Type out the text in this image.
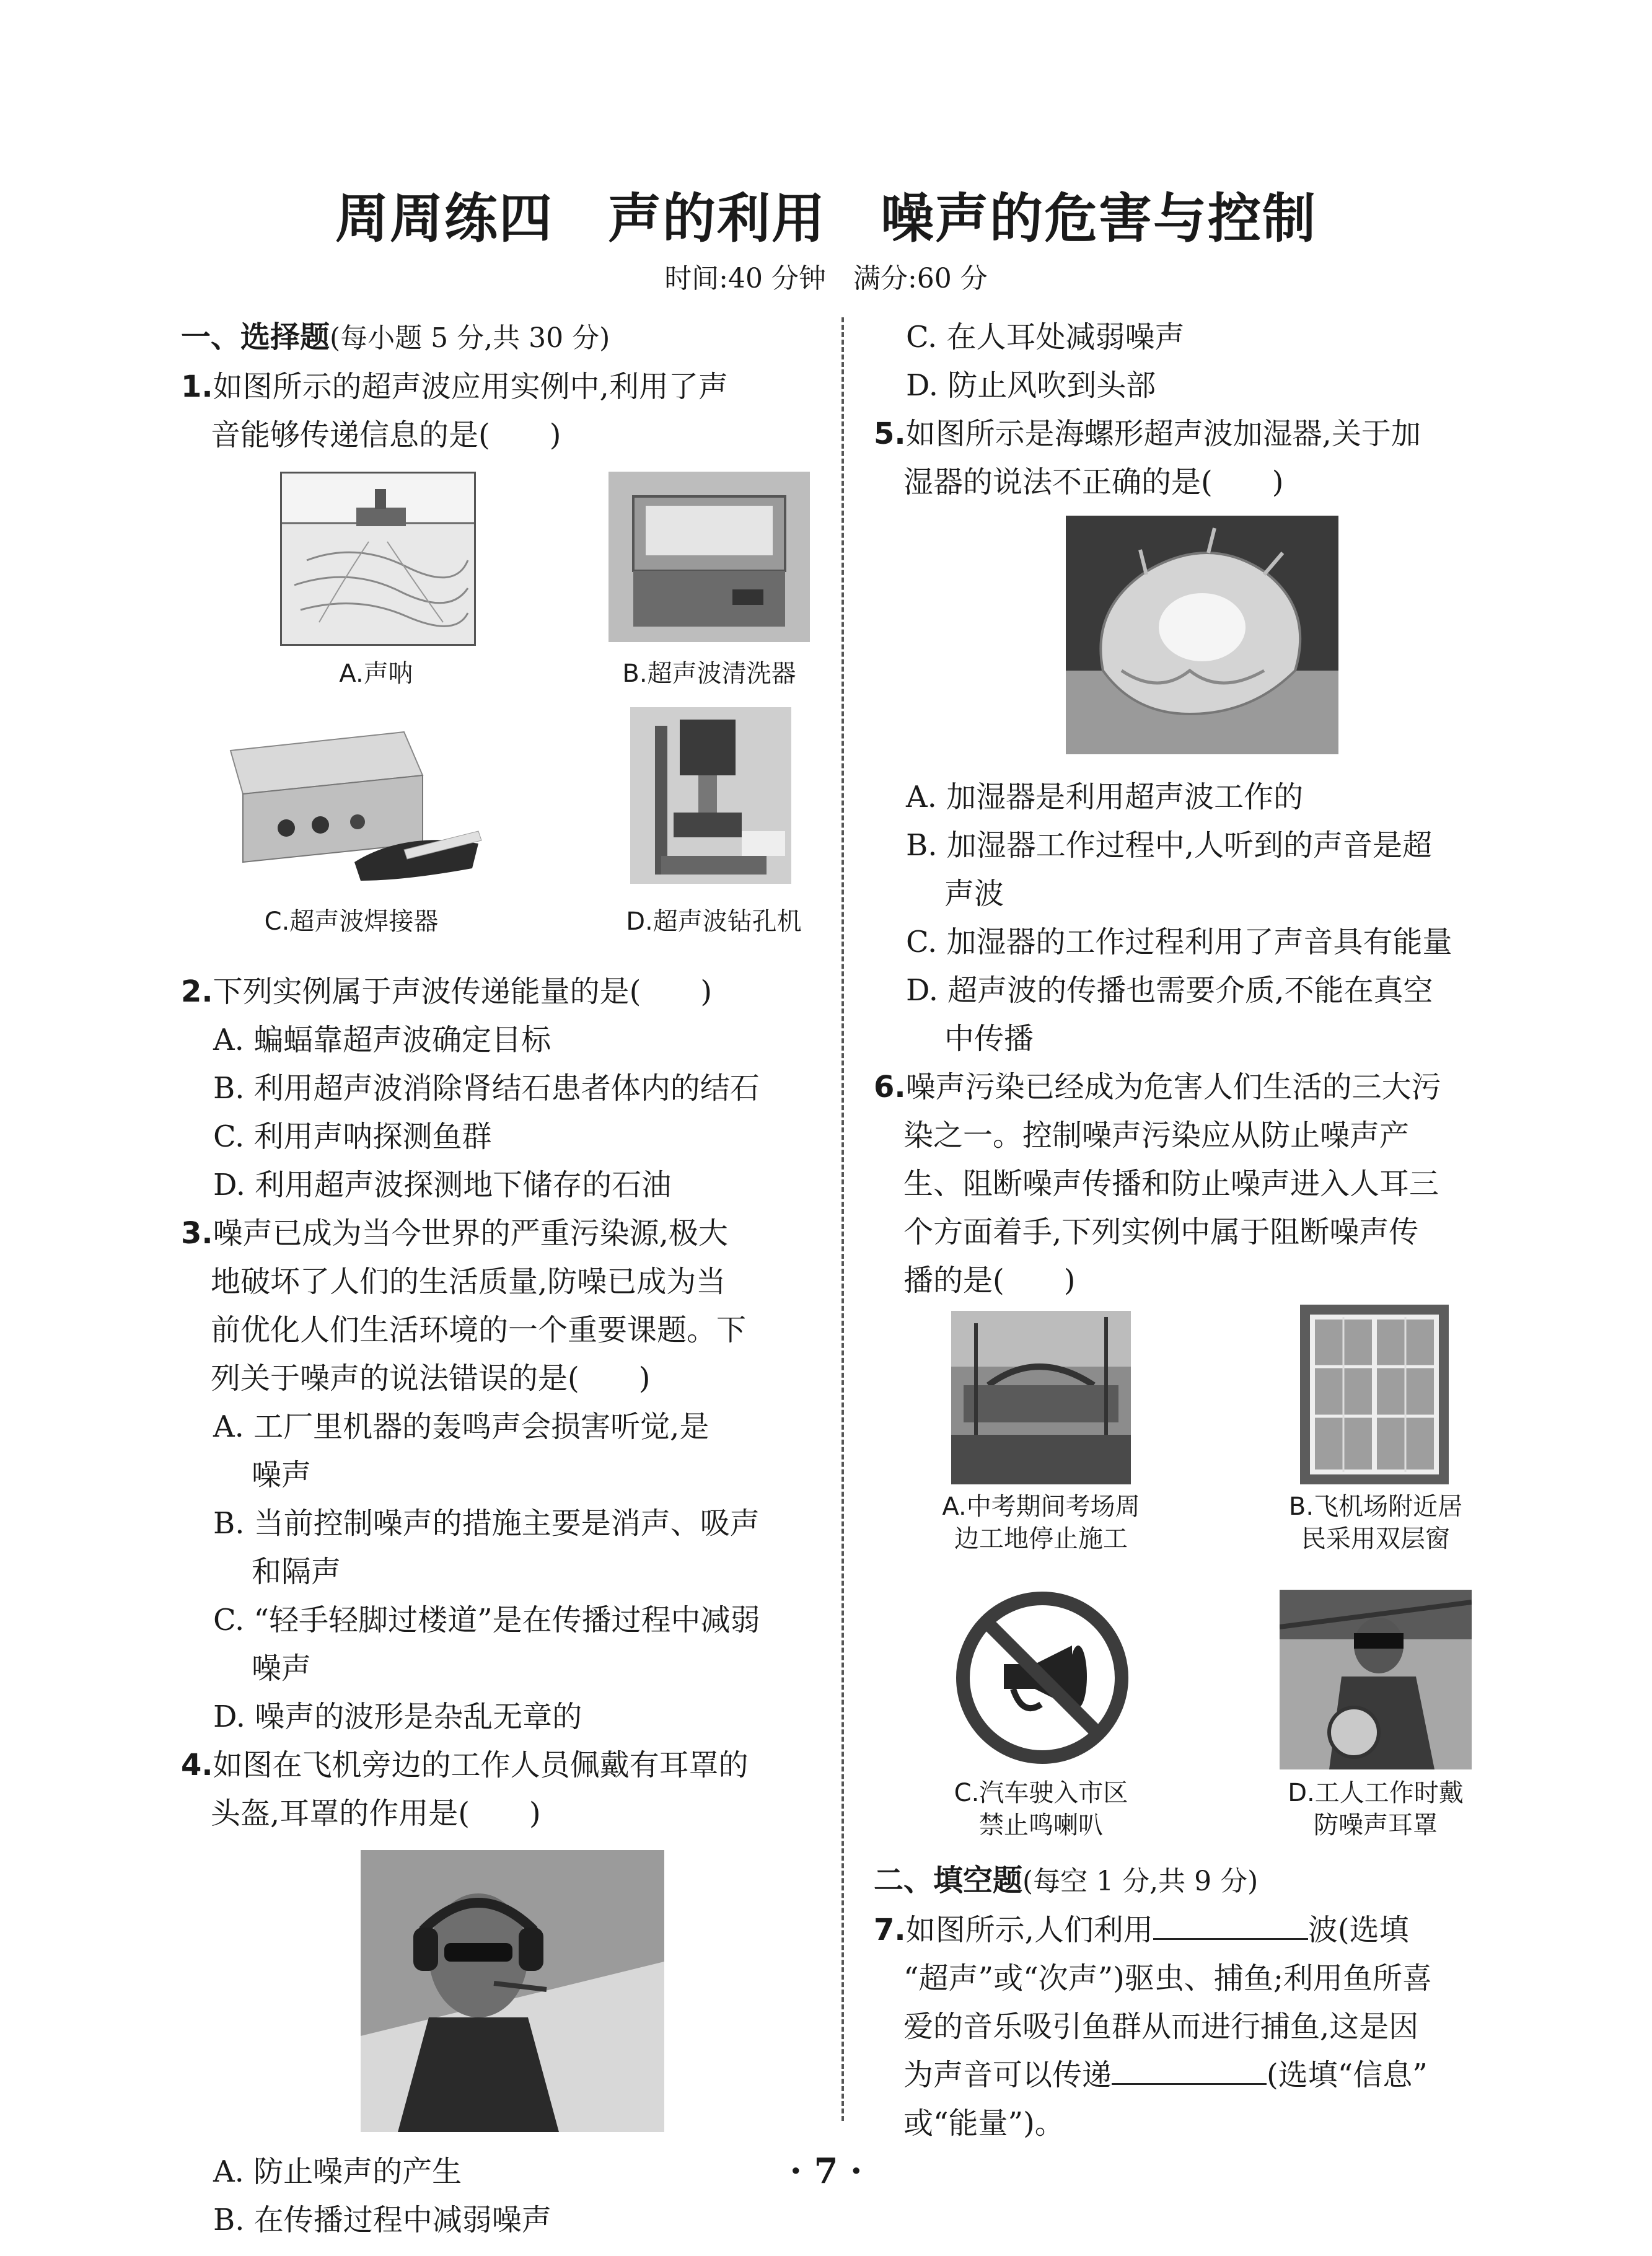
周周练四　声的利用　噪声的危害与控制
时间:40 分钟　满分:60 分
一、选择题(每小题 5 分,共 30 分)
1.如图所示的超声波应用实例中,利用了声
音能够传递信息的是(　　)
A.声呐	B.超声波清洗器
C.超声波焊接器	D.超声波钻孔机
2.下列实例属于声波传递能量的是(　　)
A. 蝙蝠靠超声波确定目标
B. 利用超声波消除肾结石患者体内的结石
C. 利用声呐探测鱼群
D. 利用超声波探测地下储存的石油
3.噪声已成为当今世界的严重污染源,极大
地破坏了人们的生活质量,防噪已成为当
前优化人们生活环境的一个重要课题。下
列关于噪声的说法错误的是(　　)
A. 工厂里机器的轰鸣声会损害听觉,是
噪声
B. 当前控制噪声的措施主要是消声、吸声
和隔声
C. “轻手轻脚过楼道”是在传播过程中减弱
噪声
D. 噪声的波形是杂乱无章的
4.如图在飞机旁边的工作人员佩戴有耳罩的
头盔,耳罩的作用是(　　)
A. 防止噪声的产生
B. 在传播过程中减弱噪声
C. 在人耳处减弱噪声
D. 防止风吹到头部
5.如图所示是海螺形超声波加湿器,关于加
湿器的说法不正确的是(　　)
A. 加湿器是利用超声波工作的
B. 加湿器工作过程中,人听到的声音是超
声波
C. 加湿器的工作过程利用了声音具有能量
D. 超声波的传播也需要介质,不能在真空
中传播
6.噪声污染已经成为危害人们生活的三大污
染之一。控制噪声污染应从防止噪声产
生、阻断噪声传播和防止噪声进入人耳三
个方面着手,下列实例中属于阻断噪声传
播的是(　　)
A.中考期间考场周
边工地停止施工
B.飞机场附近居
民采用双层窗
C.汽车驶入市区
禁止鸣喇叭
D.工人工作时戴
防噪声耳罩
二、填空题(每空 1 分,共 9 分)
7.如图所示,人们利用	波(选填
“超声”或“次声”)驱虫、捕鱼;利用鱼所喜
爱的音乐吸引鱼群从而进行捕鱼,这是因
为声音可以传递	(选填“信息”
或“能量”)。
· 7 ·
